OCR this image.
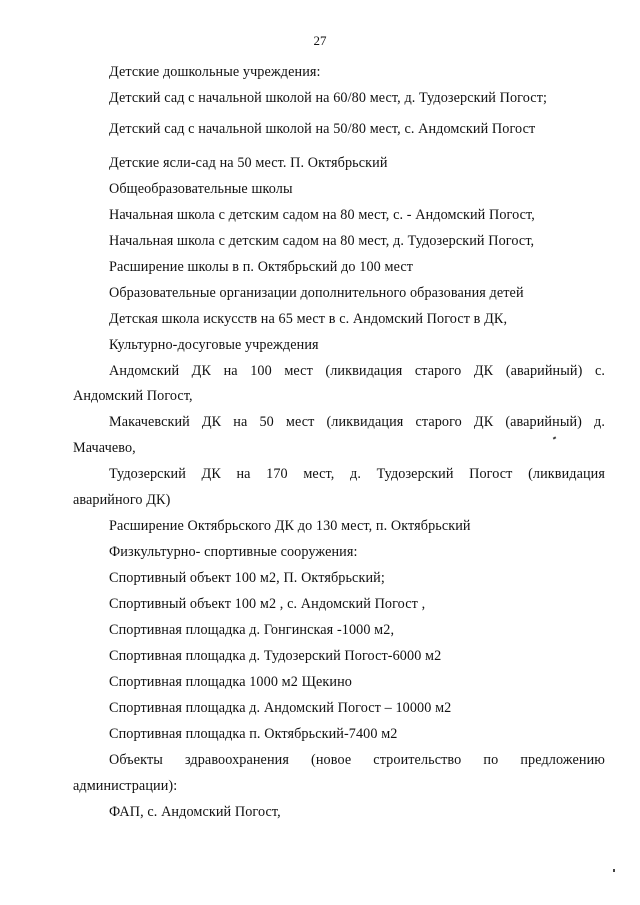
27
Детские дошкольные учреждения:
Детский сад с начальной школой на 60/80 мест, д. Тудозерский Погост;
Детский сад с начальной школой на 50/80 мест, с. Андомский Погост
Детские ясли-сад на 50 мест. П. Октябрьский
Общеобразовательные школы
Начальная школа с детским садом на 80 мест, с. - Андомский Погост,
Начальная школа с детским садом на 80 мест, д. Тудозерский Погост,
Расширение школы в п. Октябрьский до 100 мест
Образовательные организации дополнительного образования детей
Детская школа искусств на 65 мест в с. Андомский Погост в ДК,
Культурно-досуговые учреждения
Андомский ДК на 100 мест (ликвидация старого ДК (аварийный) с.
Андомский Погост,
Макачевский ДК на 50 мест (ликвидация старого ДК (аварийный) д.
Мачачево,
Тудозерский ДК на 170 мест, д. Тудозерский Погост (ликвидация
аварийного ДК)
Расширение Октябрьского ДК до 130 мест, п. Октябрьский
Физкультурно- спортивные сооружения:
Спортивный объект 100 м2, П. Октябрьский;
Спортивный объект 100 м2 , с. Андомский Погост ,
Спортивная площадка д. Гонгинская -1000 м2,
Спортивная площадка д. Тудозерский Погост-6000 м2
Спортивная площадка 1000 м2 Щекино
Спортивная площадка д. Андомский Погост – 10000 м2
Спортивная площадка п. Октябрьский-7400 м2
Объекты здравоохранения (новое строительство по предложению
администрации):
ФАП, с. Андомский Погост,
